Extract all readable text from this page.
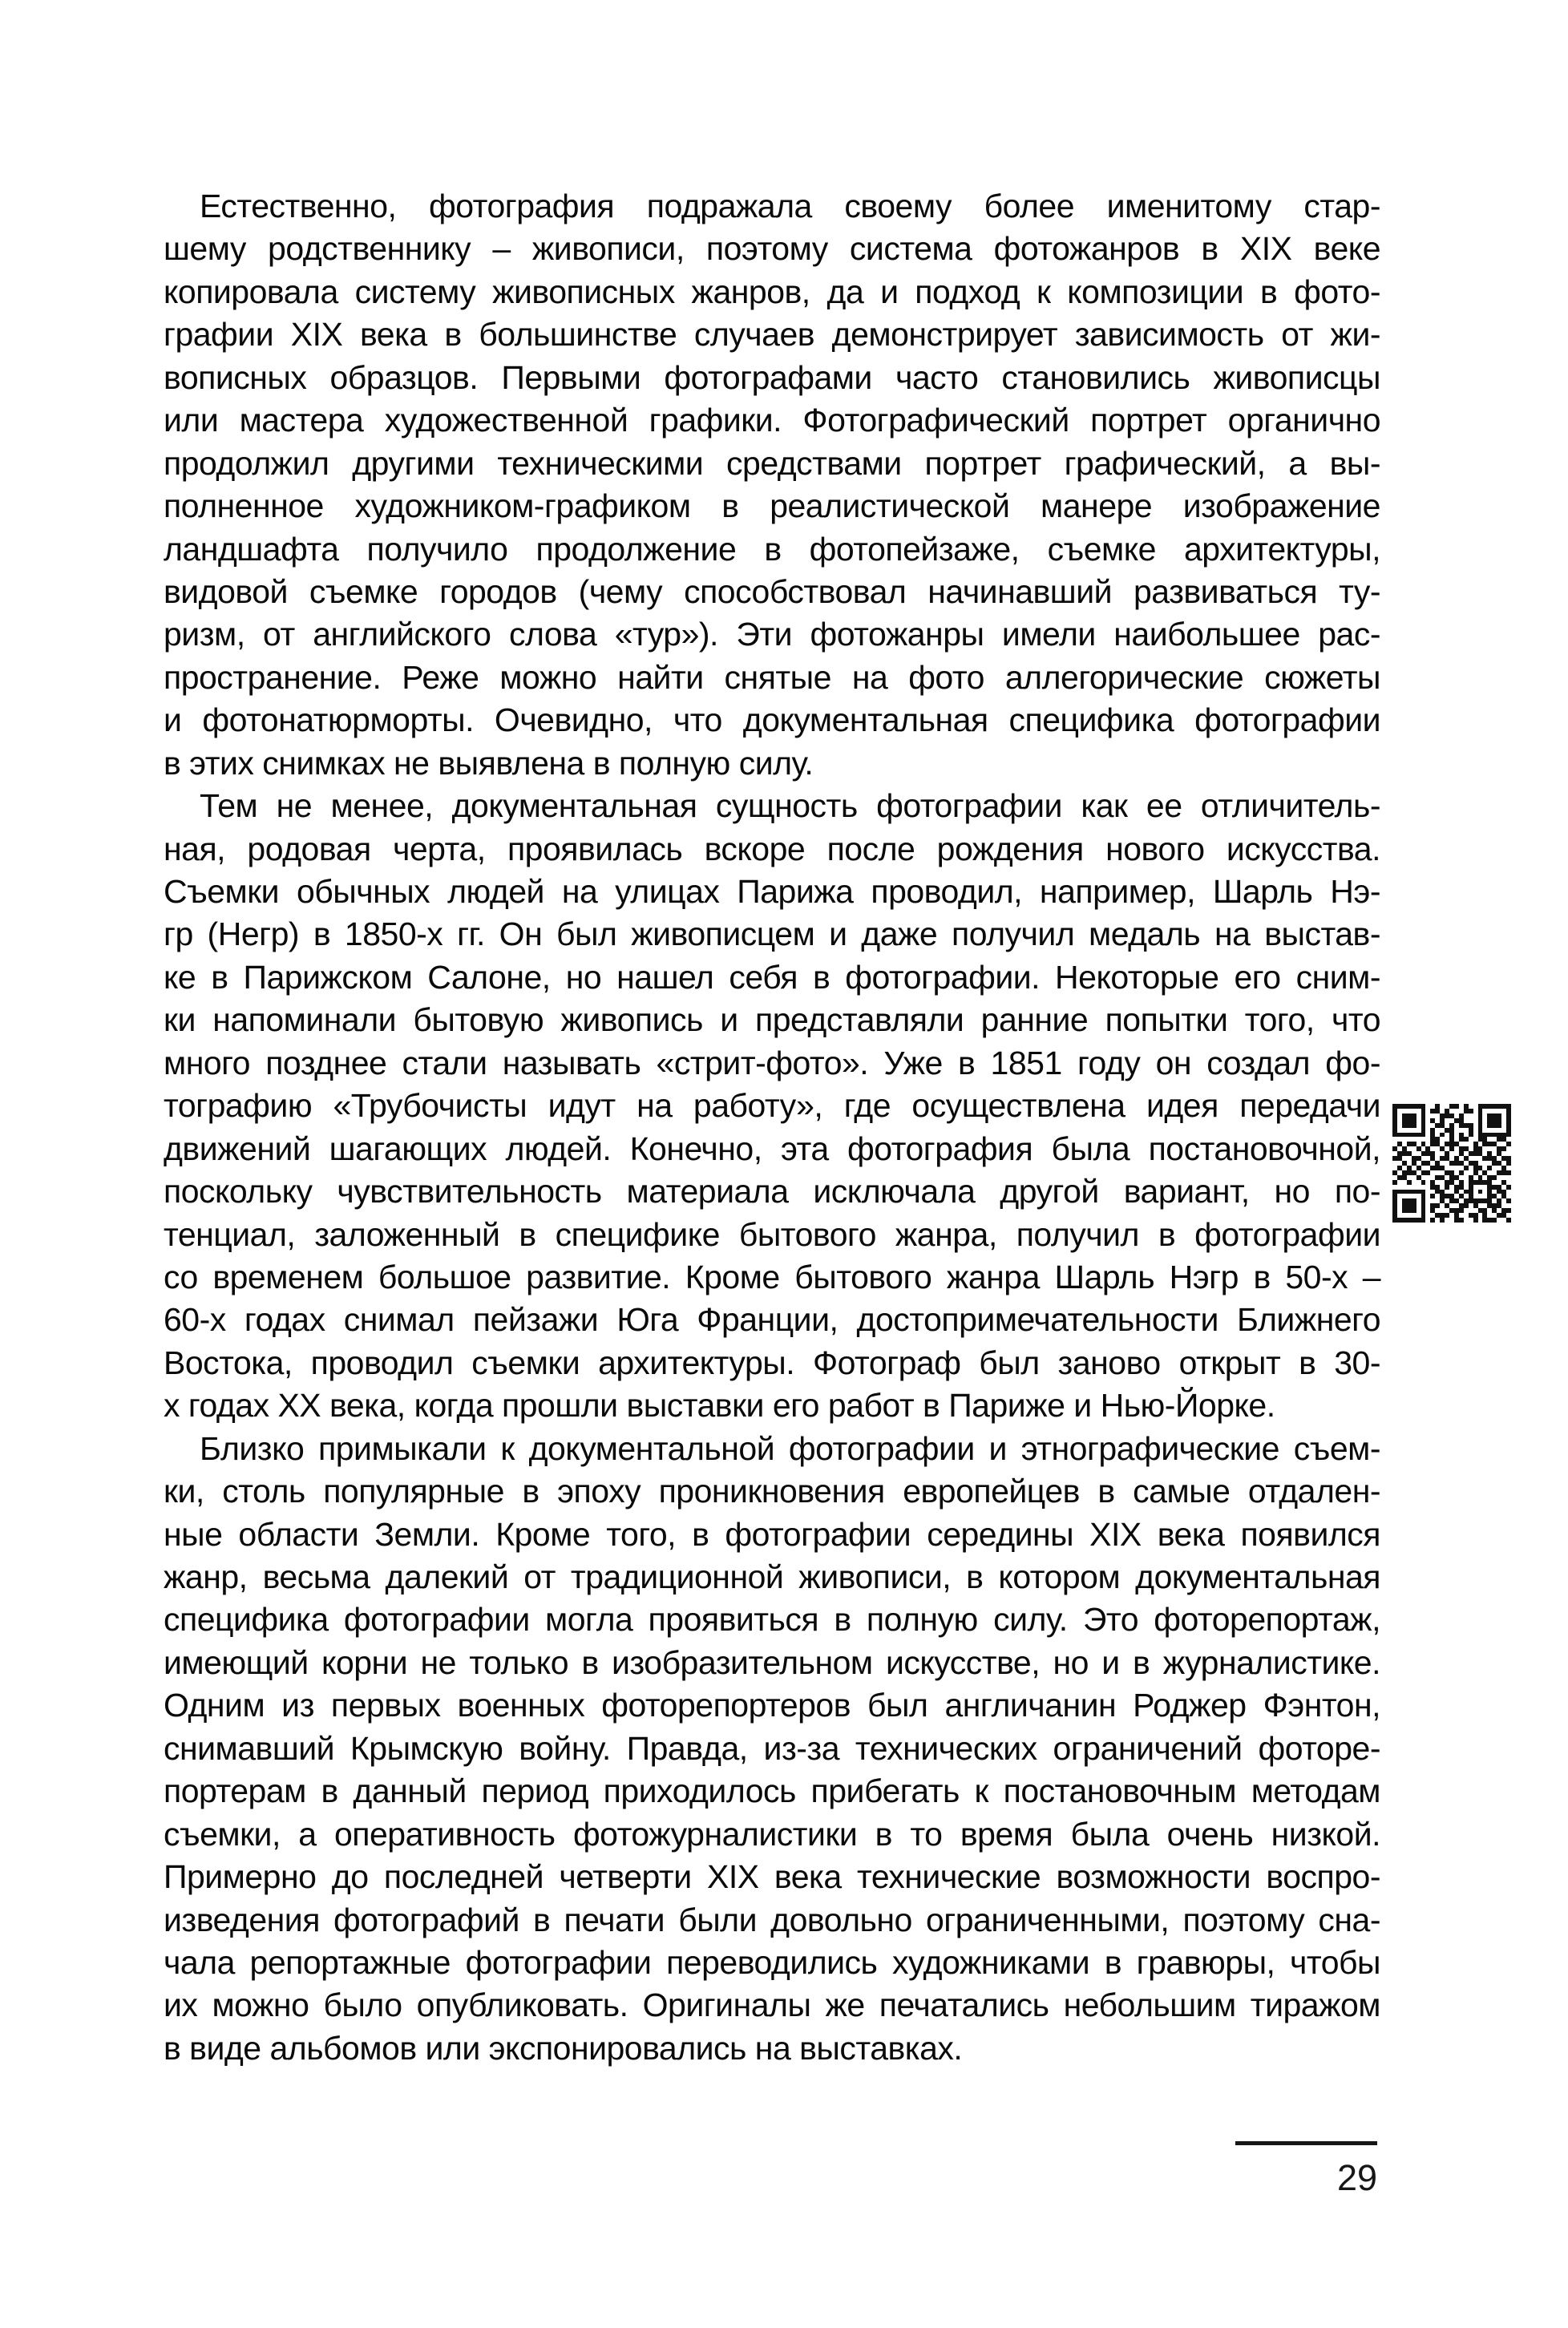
Естественно, фотография подражала своему более именитому стар-
шему родственнику – живописи, поэтому система фотожанров в XIX веке
копировала систему живописных жанров, да и подход к композиции в фото-
графии XIX века в большинстве случаев демонстрирует зависимость от жи-
вописных образцов. Первыми фотографами часто становились живописцы
или мастера художественной графики. Фотографический портрет органично
продолжил другими техническими средствами портрет графический, а вы-
полненное художником-графиком в реалистической манере изображение
ландшафта получило продолжение в фотопейзаже, съемке архитектуры,
видовой съемке городов (чему способствовал начинавший развиваться ту-
ризм, от английского слова «тур»). Эти фотожанры имели наибольшее рас-
пространение. Реже можно найти снятые на фото аллегорические сюжеты
и фотонатюрморты. Очевидно, что документальная специфика фотографии
в этих снимках не выявлена в полную силу.
Тем не менее, документальная сущность фотографии как ее отличитель-
ная, родовая черта, проявилась вскоре после рождения нового искусства.
Съемки обычных людей на улицах Парижа проводил, например, Шарль Нэ-
гр (Негр) в 1850-х гг. Он был живописцем и даже получил медаль на выстав-
ке в Парижском Салоне, но нашел себя в фотографии. Некоторые его сним-
ки напоминали бытовую живопись и представляли ранние попытки того, что
много позднее стали называть «стрит-фото». Уже в 1851 году он создал фо-
тографию «Трубочисты идут на работу», где осуществлена идея передачи
движений шагающих людей. Конечно, эта фотография была постановочной,
поскольку чувствительность материала исключала другой вариант, но по-
тенциал, заложенный в специфике бытового жанра, получил в фотографии
со временем большое развитие. Кроме бытового жанра Шарль Нэгр в 50-х –
60-х годах снимал пейзажи Юга Франции, достопримечательности Ближнего
Востока, проводил съемки архитектуры. Фотограф был заново открыт в 30-
х годах XX века, когда прошли выставки его работ в Париже и Нью-Йорке.
Близко примыкали к документальной фотографии и этнографические съем-
ки, столь популярные в эпоху проникновения европейцев в самые отдален-
ные области Земли. Кроме того, в фотографии середины XIX века появился
жанр, весьма далекий от традиционной живописи, в котором документальная
специфика фотографии могла проявиться в полную силу. Это фоторепортаж,
имеющий корни не только в изобразительном искусстве, но и в журналистике.
Одним из первых военных фоторепортеров был англичанин Роджер Фэнтон,
снимавший Крымскую войну. Правда, из-за технических ограничений фоторе-
портерам в данный период приходилось прибегать к постановочным методам
съемки, а оперативность фотожурналистики в то время была очень низкой.
Примерно до последней четверти XIX века технические возможности воспро-
изведения фотографий в печати были довольно ограниченными, поэтому сна-
чала репортажные фотографии переводились художниками в гравюры, чтобы
их можно было опубликовать. Оригиналы же печатались небольшим тиражом
в виде альбомов или экспонировались на выставках.
29
